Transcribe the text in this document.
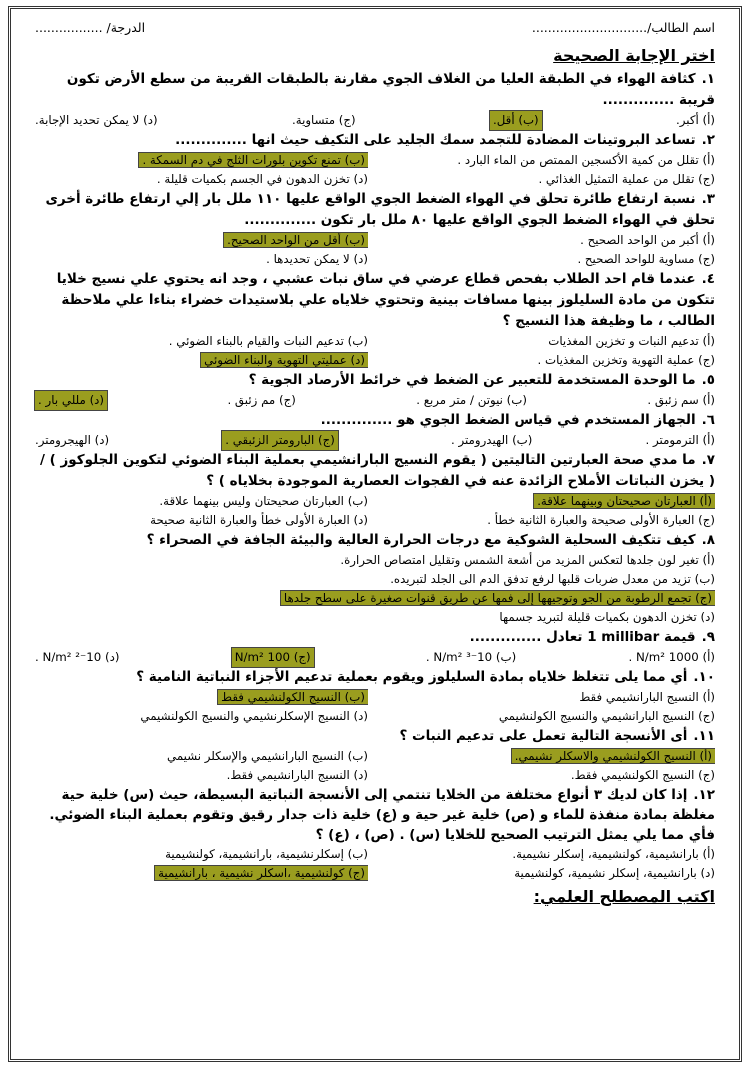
اسم الطالب/.............................
الدرجة/ .................
اختر الإجابة الصحيحة

١.كثافة الهواء في الطبقة العليا من الغلاف الجوي مقارنة بالطبقات القريبة من سطع الأرض تكون قريبة ..............

(أ) أكبر.
(ب) أقل.
(ج) متساوية.
(د) لا يمكن تحديد الإجابة.

٢.تساعد البروتينات المضادة للتجمد سمك الجليد على التكيف حيث انها ..............

(أ) تقلل من كمية الأكسجين الممتص من الماء البارد .
(ب) تمنع تكوين بلورات الثلج في دم السمكة .
(ج) تقلل من عملية التمثيل الغذائي .
(د) تخزن الدهون في الجسم بكميات قليلة .

٣.نسبة ارتفاع طائرة تحلق في الهواء الضغط الجوي الواقع عليها ١١٠ ملل بار إلي ارتفاع طائرة أخرى تحلق في الهواء الضغط الجوي الواقع عليها ٨٠ ملل بار تكون ..............

(أ) أكبر من الواحد الصحيح .
(ب) أقل من الواحد الصحيح.
(ج) مساوية للواحد الصحيح .
(د) لا يمكن تحديدها .

٤.عندما قام احد الطلاب بفحص قطاع عرضي في ساق نبات عشبي ، وجد انه يحتوي علي نسيج خلايا تتكون من مادة السليلوز بينها مسافات بينية وتحتوي خلاياه علي بلاستيدات خضراء بناءا علي ملاحظة الطالب ، ما وظيفة هذا النسيج ؟

(أ) تدعيم النبات و تخزين المغذيات
(ب) تدعيم النبات والقيام بالبناء الضوئي .
(ج) عملية التهوية وتخزين المغذيات .
(د) عمليتي التهوية والبناء الضوئي

٥.ما الوحدة المستخدمة للتعبير عن الضغط في خرائط الأرصاد الجوية ؟

(أ) سم زئبق .
(ب) نيوتن / متر مربع .
(ج) مم زئبق .
(د) مللي بار .

٦.الجهاز المستخدم في قياس الضغط الجوي هو ..............

(أ) الترمومتر .
(ب) الهيدرومتر .
(ج) البارومتر الزئبقي .
(د) الهيجرومتر.

٧.ما مدي صحة العبارتين التاليتين ( يقوم النسيج البارانشيمي بعملية البناء الضوئي لتكوين الجلوكوز ) / ( يخزن النباتات الأملاح الزائدة عنه في الفجوات العصارية الموجودة بخلاياه ) ؟

(أ) العبارتان صحيحتان وبينهما علاقة.
(ب) العبارتان صحيحتان وليس بينهما علاقة.
(ج) العبارة الأولى صحيحة والعبارة الثانية خطأ .
(د) العبارة الأولى خطأ والعبارة الثانية صحيحة

٨.كيف تتكيف السحلية الشوكية مع درجات الحرارة العالية والبيئة الجافة في الصحراء ؟

(أ) تغير لون جلدها لتعكس المزيد من أشعة الشمس وتقليل امتصاص الحرارة.
(ب) تزيد من معدل ضربات قلبها لرفع تدفق الدم الى الجلد لتبريده.
(ج) تجمع الرطوبة من الجو وتوجيهها إلى فمها عن طريق قنوات صغيرة على سطح جلدها
(د) تخزن الدهون بكميات قليلة لتبريد جسمها

٩.قيمة 1 millibar تعادل ..............

(أ) 1000 N/m² .
(ب) 10⁻³ N/m² .
(ج) 100 N/m²
(د) 10⁻² N/m² .

١٠.أي مما يلى تتغلظ خلاياه بمادة السليلوز ويقوم بعملية تدعيم الأجزاء النباتية النامية ؟

(أ) النسيج البارانشيمي فقط
(ب) النسيج الكولنشيمي فقط
(ج) النسيج البارانشيمي والنسيج الكولنشيمي
(د) النسيج الإسكلرنشيمي والنسيج الكولنشيمي

١١.أى الأنسجة التالية تعمل على تدعيم النبات ؟

(أ) النسيج الكولنشيمي والاسكلر نشيمي.
(ب) النسيج البارانشيمي والإسكلر نشيمي
(ج) النسيج الكولنشيمي فقط.
(د) النسيج البارانشيمي فقط.

١٢.إذا كان لديك ٣ أنواع مختلفة من الخلايا تنتمي إلى الأنسجة النباتية البسيطة، حيث (س) خلية حية مغلظة بمادة منفذة للماء و (ص) خلية غير حية و (ع) خلية ذات جدار رقيق وتقوم بعملية البناء الضوئي. فأي مما يلي يمثل الترتيب الصحيح للخلايا (س) . (ص) ، (ع) ؟

(أ) بارانشيمية، كولنشيمية، إسكلر نشيمية.
(ب) إسكلرنشيمية، بارانشيمية، كولنشيمية
(د) بارانشيمية، إسكلر نشيمية، كولنشيمية
(ج) كولنشيمية ،اسكلر نشيمية ، بارانشيمية
اكتب المصطلح العلمي:
